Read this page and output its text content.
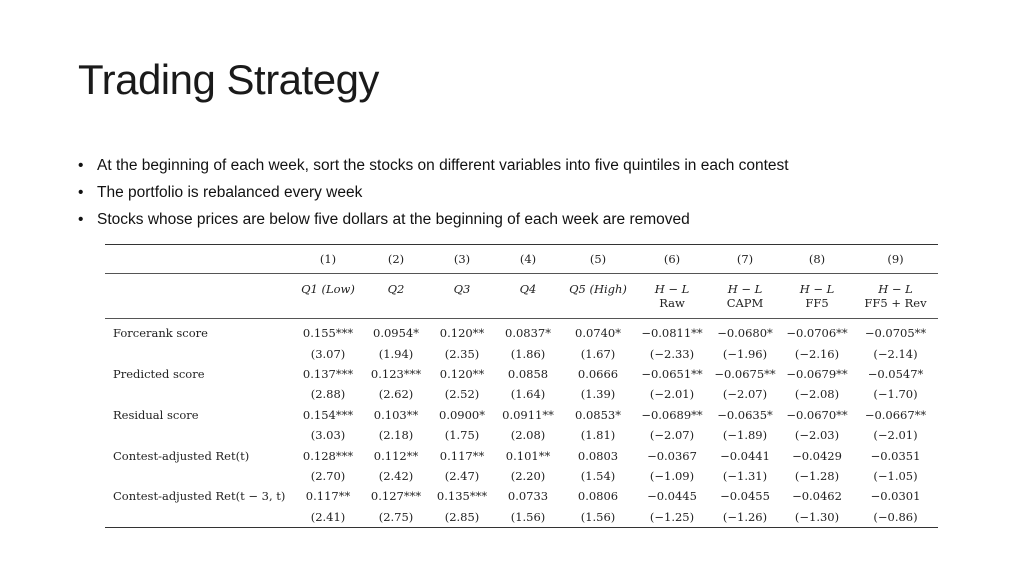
Trading Strategy
• At the beginning of each week, sort the stocks on different variables into five quintiles in each contest
• The portfolio is rebalanced every week
• Stocks whose prices are below five dollars at the beginning of each week are removed
	(1)	(2)	(3)	(4)	(5)	(6)	(7)	(8)	(9)
	Q1 (Low)	Q2	Q3	Q4	Q5 (High)	H − L	H − L	H − L	H − L
						Raw	CAPM	FF5	FF5 + Rev
Forcerank score	0.155***	0.0954*	0.120**	0.0837*	0.0740*	−0.0811**	−0.0680*	−0.0706**	−0.0705**
	(3.07)	(1.94)	(2.35)	(1.86)	(1.67)	(−2.33)	(−1.96)	(−2.16)	(−2.14)
Predicted score	0.137***	0.123***	0.120**	0.0858	0.0666	−0.0651**	−0.0675**	−0.0679**	−0.0547*
	(2.88)	(2.62)	(2.52)	(1.64)	(1.39)	(−2.01)	(−2.07)	(−2.08)	(−1.70)
Residual score	0.154***	0.103**	0.0900*	0.0911**	0.0853*	−0.0689**	−0.0635*	−0.0670**	−0.0667**
	(3.03)	(2.18)	(1.75)	(2.08)	(1.81)	(−2.07)	(−1.89)	(−2.03)	(−2.01)
Contest-adjusted Ret(t)	0.128***	0.112**	0.117**	0.101**	0.0803	−0.0367	−0.0441	−0.0429	−0.0351
	(2.70)	(2.42)	(2.47)	(2.20)	(1.54)	(−1.09)	(−1.31)	(−1.28)	(−1.05)
Contest-adjusted Ret(t − 3, t)	0.117**	0.127***	0.135***	0.0733	0.0806	−0.0445	−0.0455	−0.0462	−0.0301
	(2.41)	(2.75)	(2.85)	(1.56)	(1.56)	(−1.25)	(−1.26)	(−1.30)	(−0.86)
